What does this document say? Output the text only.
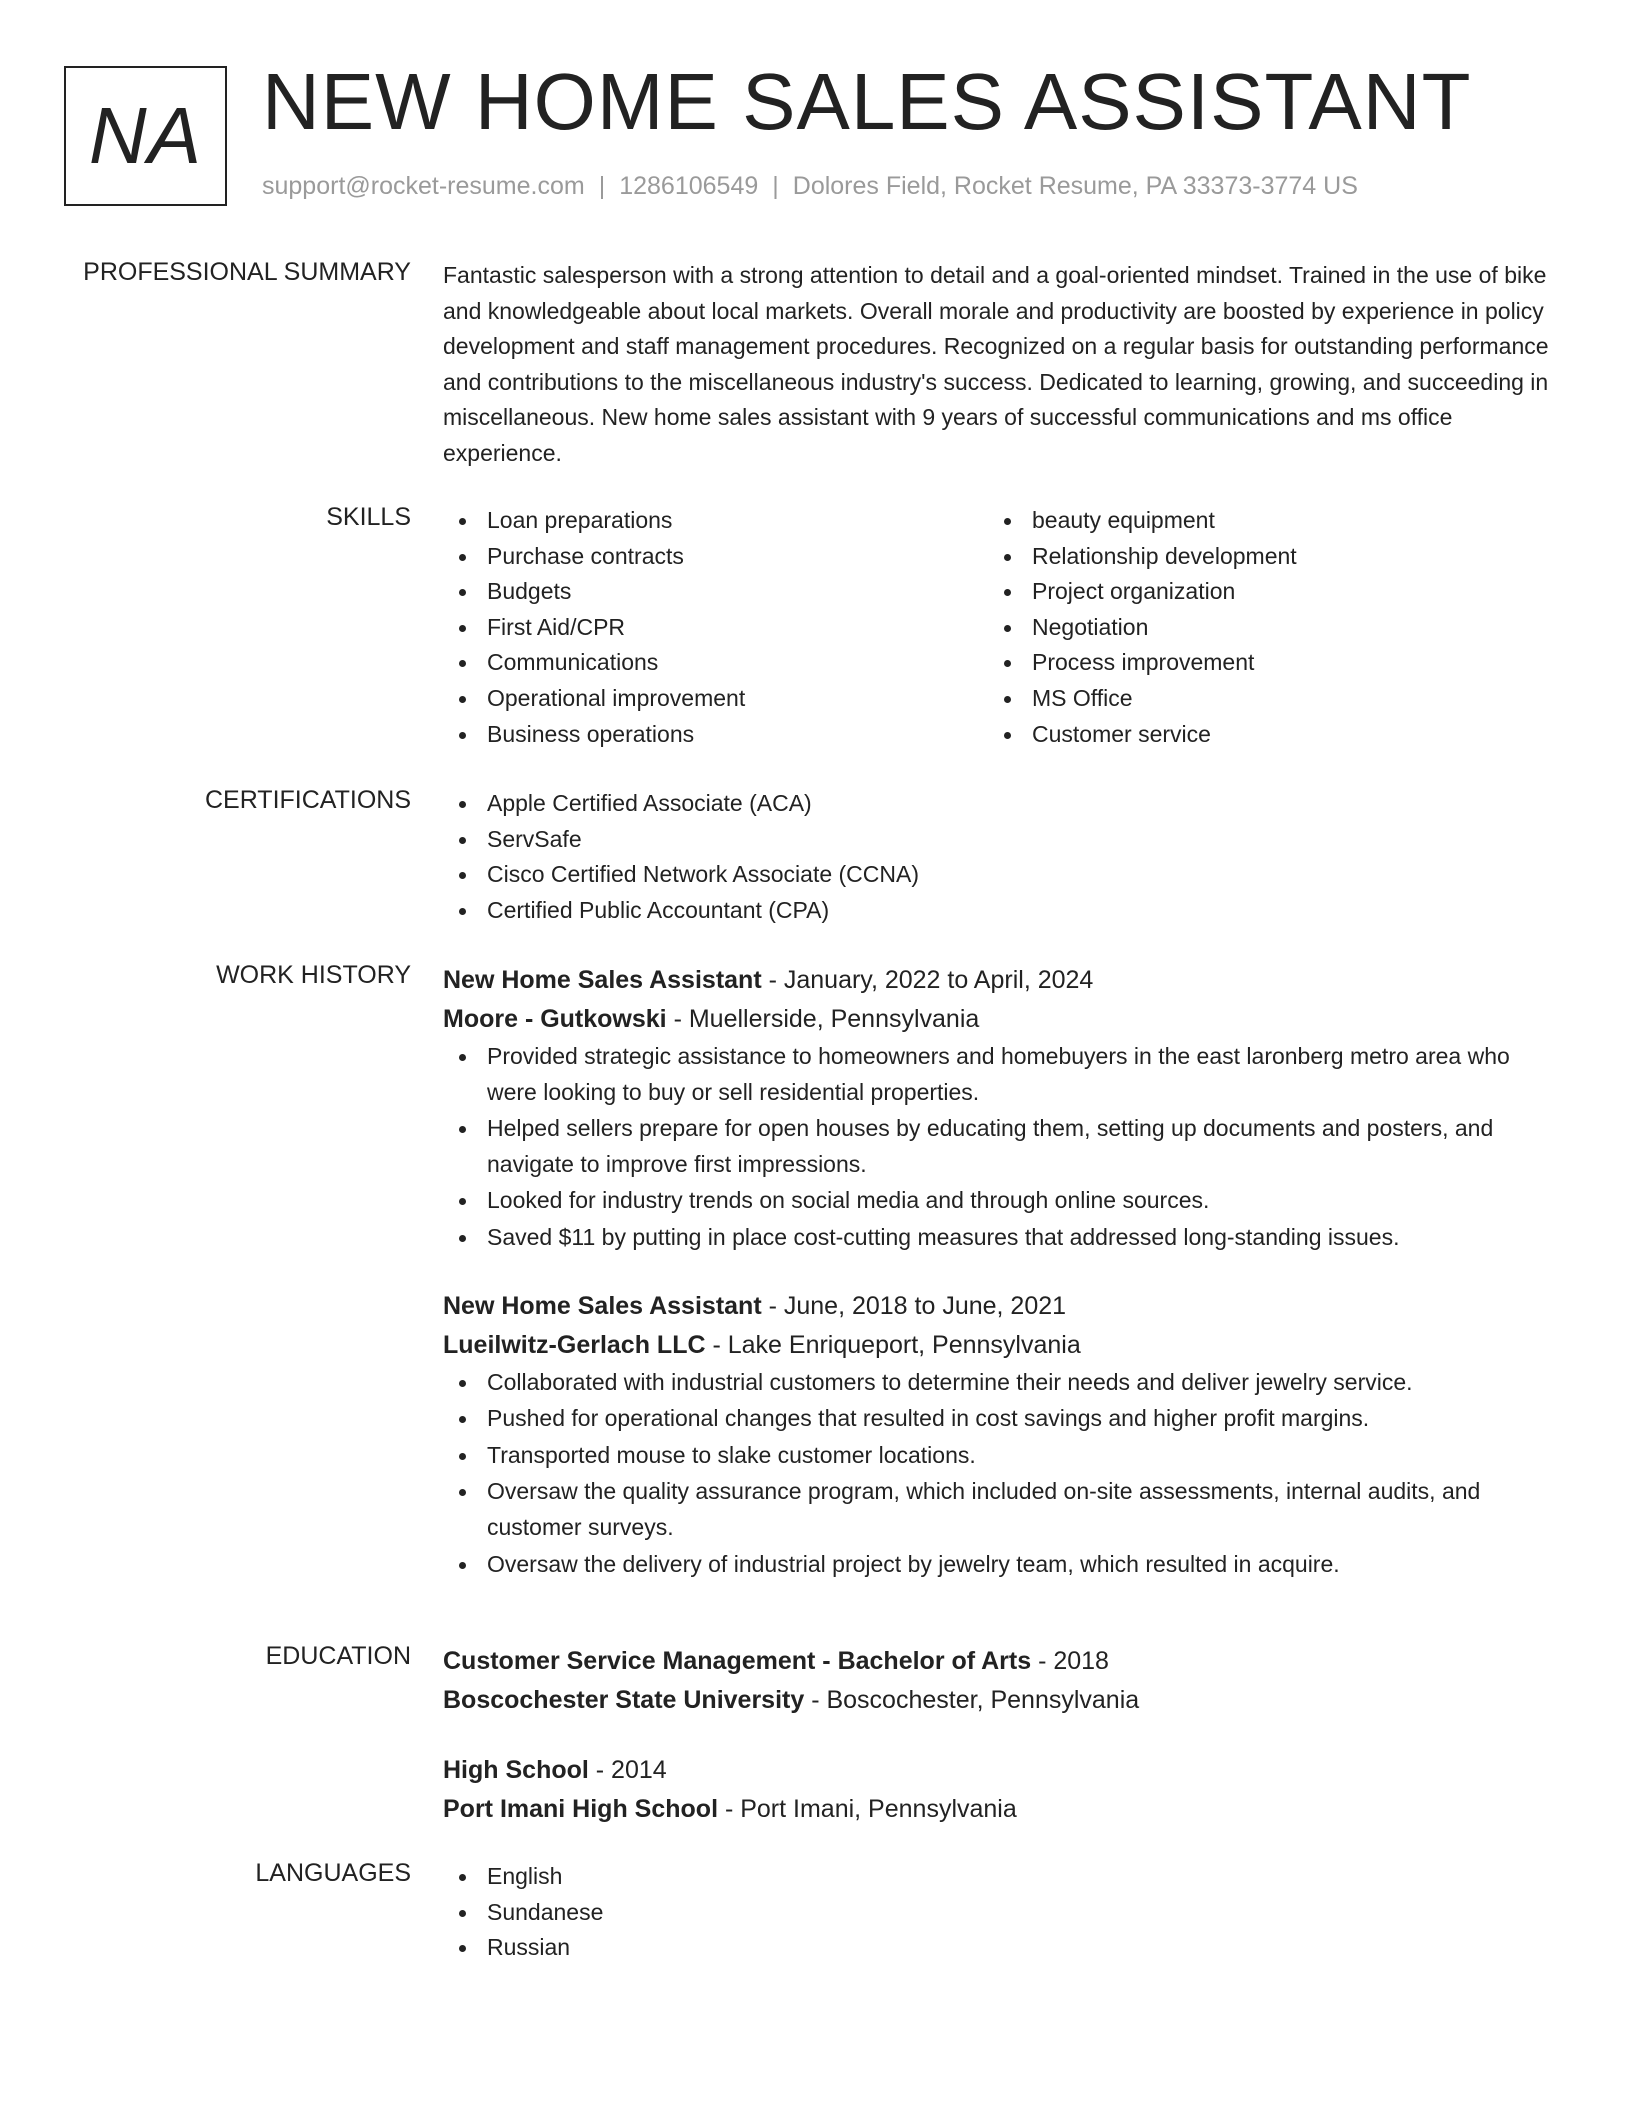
NA NEW HOME SALES ASSISTANT
support@rocket-resume.com | 1286106549 | Dolores Field, Rocket Resume, PA 33373-3774 US
PROFESSIONAL SUMMARY Fantastic salesperson with a strong attention to detail and a goal-oriented mindset. Trained in the use of bike and knowledgeable about local markets. Overall morale and productivity are boosted by experience in policy development and staff management procedures. Recognized on a regular basis for outstanding performance and contributions to the miscellaneous industry's success. Dedicated to learning, growing, and succeeding in miscellaneous. New home sales assistant with 9 years of successful communications and ms office experience.
SKILLS	Loan preparations
Purchase contracts
Budgets
First Aid/CPR
Communications
Operational improvement
Business operations
beauty equipment
Relationship development
Project organization
Negotiation
Process improvement
MS Office
Customer service
CERTIFICATIONS	Apple Certified Associate (ACA)
ServSafe
Cisco Certified Network Associate (CCNA)
Certified Public Accountant (CPA)
WORK HISTORY New Home Sales Assistant - January, 2022 to April, 2024
Moore - Gutkowski - Muellerside, Pennsylvania
Provided strategic assistance to homeowners and homebuyers in the east laronberg metro area who were looking to buy or sell residential properties.
Helped sellers prepare for open houses by educating them, setting up documents and posters, and navigate to improve first impressions.
Looked for industry trends on social media and through online sources.
Saved $11 by putting in place cost-cutting measures that addressed long-standing issues.
New Home Sales Assistant - June, 2018 to June, 2021
Lueilwitz-Gerlach LLC - Lake Enriqueport, Pennsylvania
Collaborated with industrial customers to determine their needs and deliver jewelry service.
Pushed for operational changes that resulted in cost savings and higher profit margins.
Transported mouse to slake customer locations.
Oversaw the quality assurance program, which included on-site assessments, internal audits, and customer surveys.
Oversaw the delivery of industrial project by jewelry team, which resulted in acquire.
EDUCATION Customer Service Management - Bachelor of Arts - 2018
Boscochester State University - Boscochester, Pennsylvania
High School - 2014
Port Imani High School - Port Imani, Pennsylvania
LANGUAGES	English
Sundanese
Russian
